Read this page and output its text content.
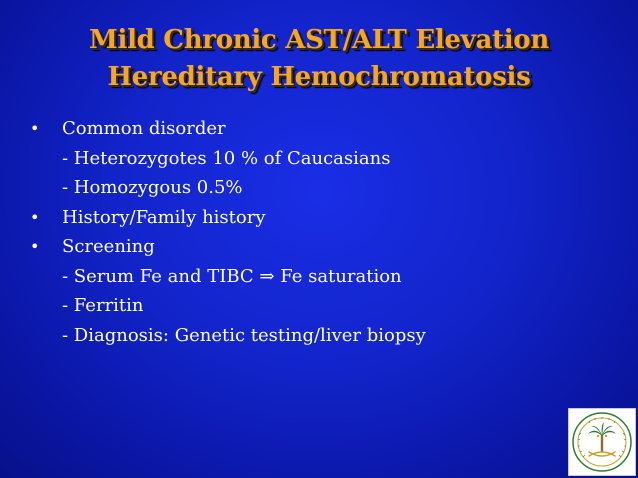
Mild Chronic AST/ALT Elevation
Hereditary Hemochromatosis
•	Common disorder
- Heterozygotes 10 % of Caucasians
- Homozygous 0.5%
•	History/Family history
•	Screening
- Serum Fe and TIBC ⇒ Fe saturation
- Ferritin
- Diagnosis: Genetic testing/liver biopsy
